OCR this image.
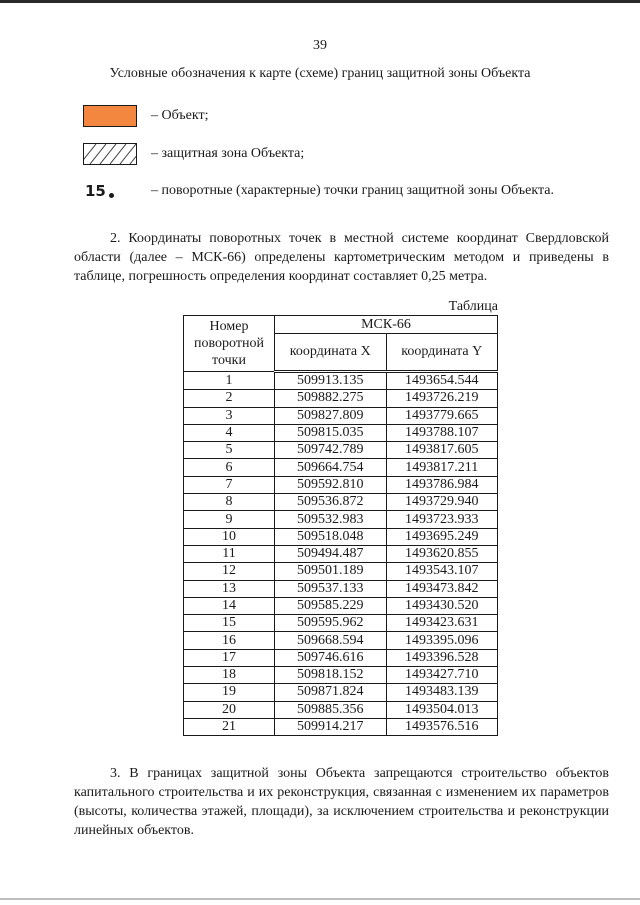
39
Условные обозначения к карте (схеме) границ защитной зоны Объекта
– Объект;
– защитная зона Объекта;
15	– поворотные (характерные) точки границ защитной зоны Объекта.

2. Координаты поворотных точек в местной системе координат Свердловской области (далее – МСК-66) определены картометрическим методом и приведены в таблице, погрешность определения координат составляет 0,25 метра.

Таблица
Номер поворотной точки	МСК-66	
	координата X	координата Y
1	509913.135	1493654.544
2	509882.275	1493726.219
3	509827.809	1493779.665
4	509815.035	1493788.107
5	509742.789	1493817.605
6	509664.754	1493817.211
7	509592.810	1493786.984
8	509536.872	1493729.940
9	509532.983	1493723.933
10	509518.048	1493695.249
11	509494.487	1493620.855
12	509501.189	1493543.107
13	509537.133	1493473.842
14	509585.229	1493430.520
15	509595.962	1493423.631
16	509668.594	1493395.096
17	509746.616	1493396.528
18	509818.152	1493427.710
19	509871.824	1493483.139
20	509885.356	1493504.013
21	509914.217	1493576.516

3. В границах защитной зоны Объекта запрещаются строительство объектов капитального строительства и их реконструкция, связанная с изменением их параметров (высоты, количества этажей, площади), за исключением строительства и реконструкции линейных объектов.
